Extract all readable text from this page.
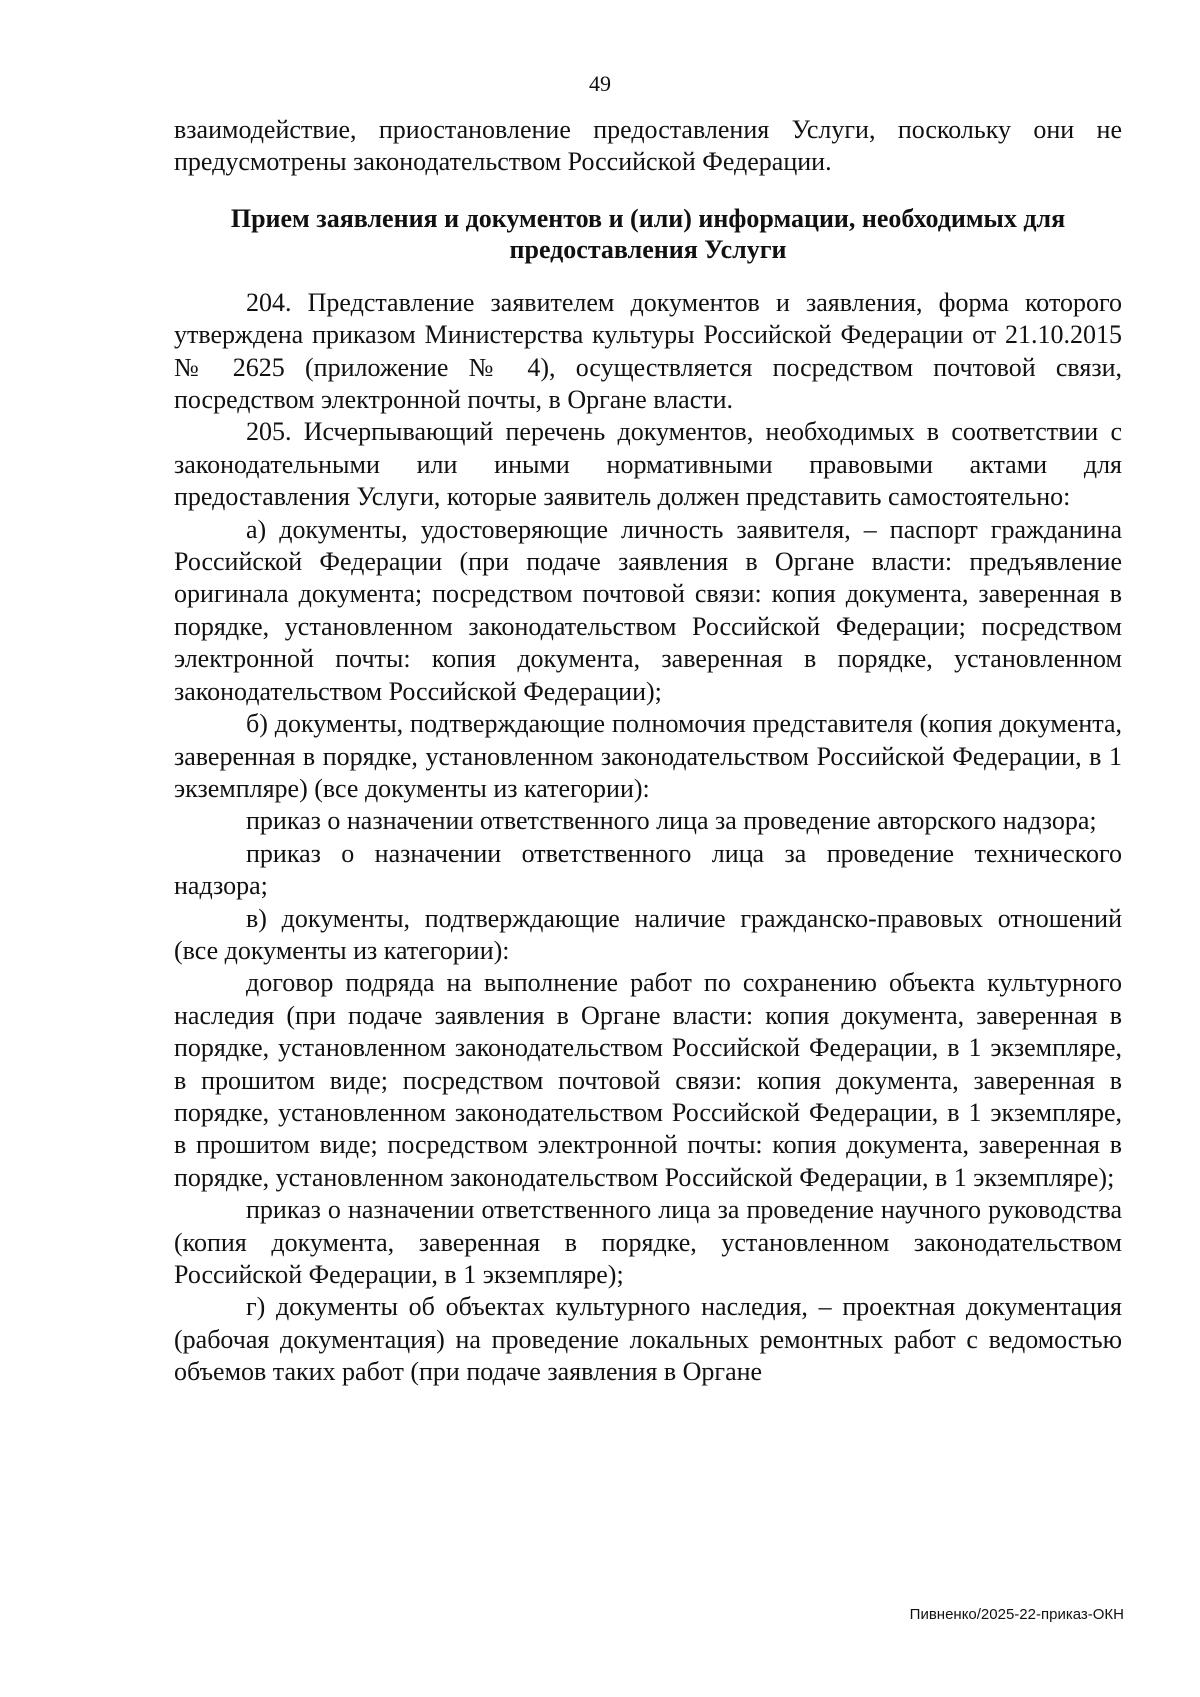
49

взаимодействие, приостановление предоставления Услуги, поскольку они не предусмотрены законодательством Российской Федерации.

Прием заявления и документов и (или) информации, необходимых для предоставления Услуги

204. Представление заявителем документов и заявления, форма которого утверждена приказом Министерства культуры Российской Федерации от 21.10.2015 № 2625 (приложение № 4), осуществляется посредством почтовой связи, посредством электронной почты, в Органе власти.

205. Исчерпывающий перечень документов, необходимых в соответствии с законодательными или иными нормативными правовыми актами для предоставления Услуги, которые заявитель должен представить самостоятельно:

а) документы, удостоверяющие личность заявителя, – паспорт гражданина Российской Федерации (при подаче заявления в Органе власти: предъявление оригинала документа; посредством почтовой связи: копия документа, заверенная в порядке, установленном законодательством Российской Федерации; посредством электронной почты: копия документа, заверенная в порядке, установленном законодательством Российской Федерации);

б) документы, подтверждающие полномочия представителя (копия документа, заверенная в порядке, установленном законодательством Российской Федерации, в 1 экземпляре) (все документы из категории):

приказ о назначении ответственного лица за проведение авторского надзора;

приказ о назначении ответственного лица за проведение технического надзора;

в) документы, подтверждающие наличие гражданско-правовых отношений (все документы из категории):

договор подряда на выполнение работ по сохранению объекта культурного наследия (при подаче заявления в Органе власти: копия документа, заверенная в порядке, установленном законодательством Российской Федерации, в 1 экземпляре, в прошитом виде; посредством почтовой связи: копия документа, заверенная в порядке, установленном законодательством Российской Федерации, в 1 экземпляре, в прошитом виде; посредством электронной почты: копия документа, заверенная в порядке, установленном законодательством Российской Федерации, в 1 экземпляре);

приказ о назначении ответственного лица за проведение научного руководства (копия документа, заверенная в порядке, установленном законодательством Российской Федерации, в 1 экземпляре);

г) документы об объектах культурного наследия, – проектная документация (рабочая документация) на проведение локальных ремонтных работ с ведомостью объемов таких работ (при подаче заявления в Органе

Пивненко/2025-22-приказ-ОКН
